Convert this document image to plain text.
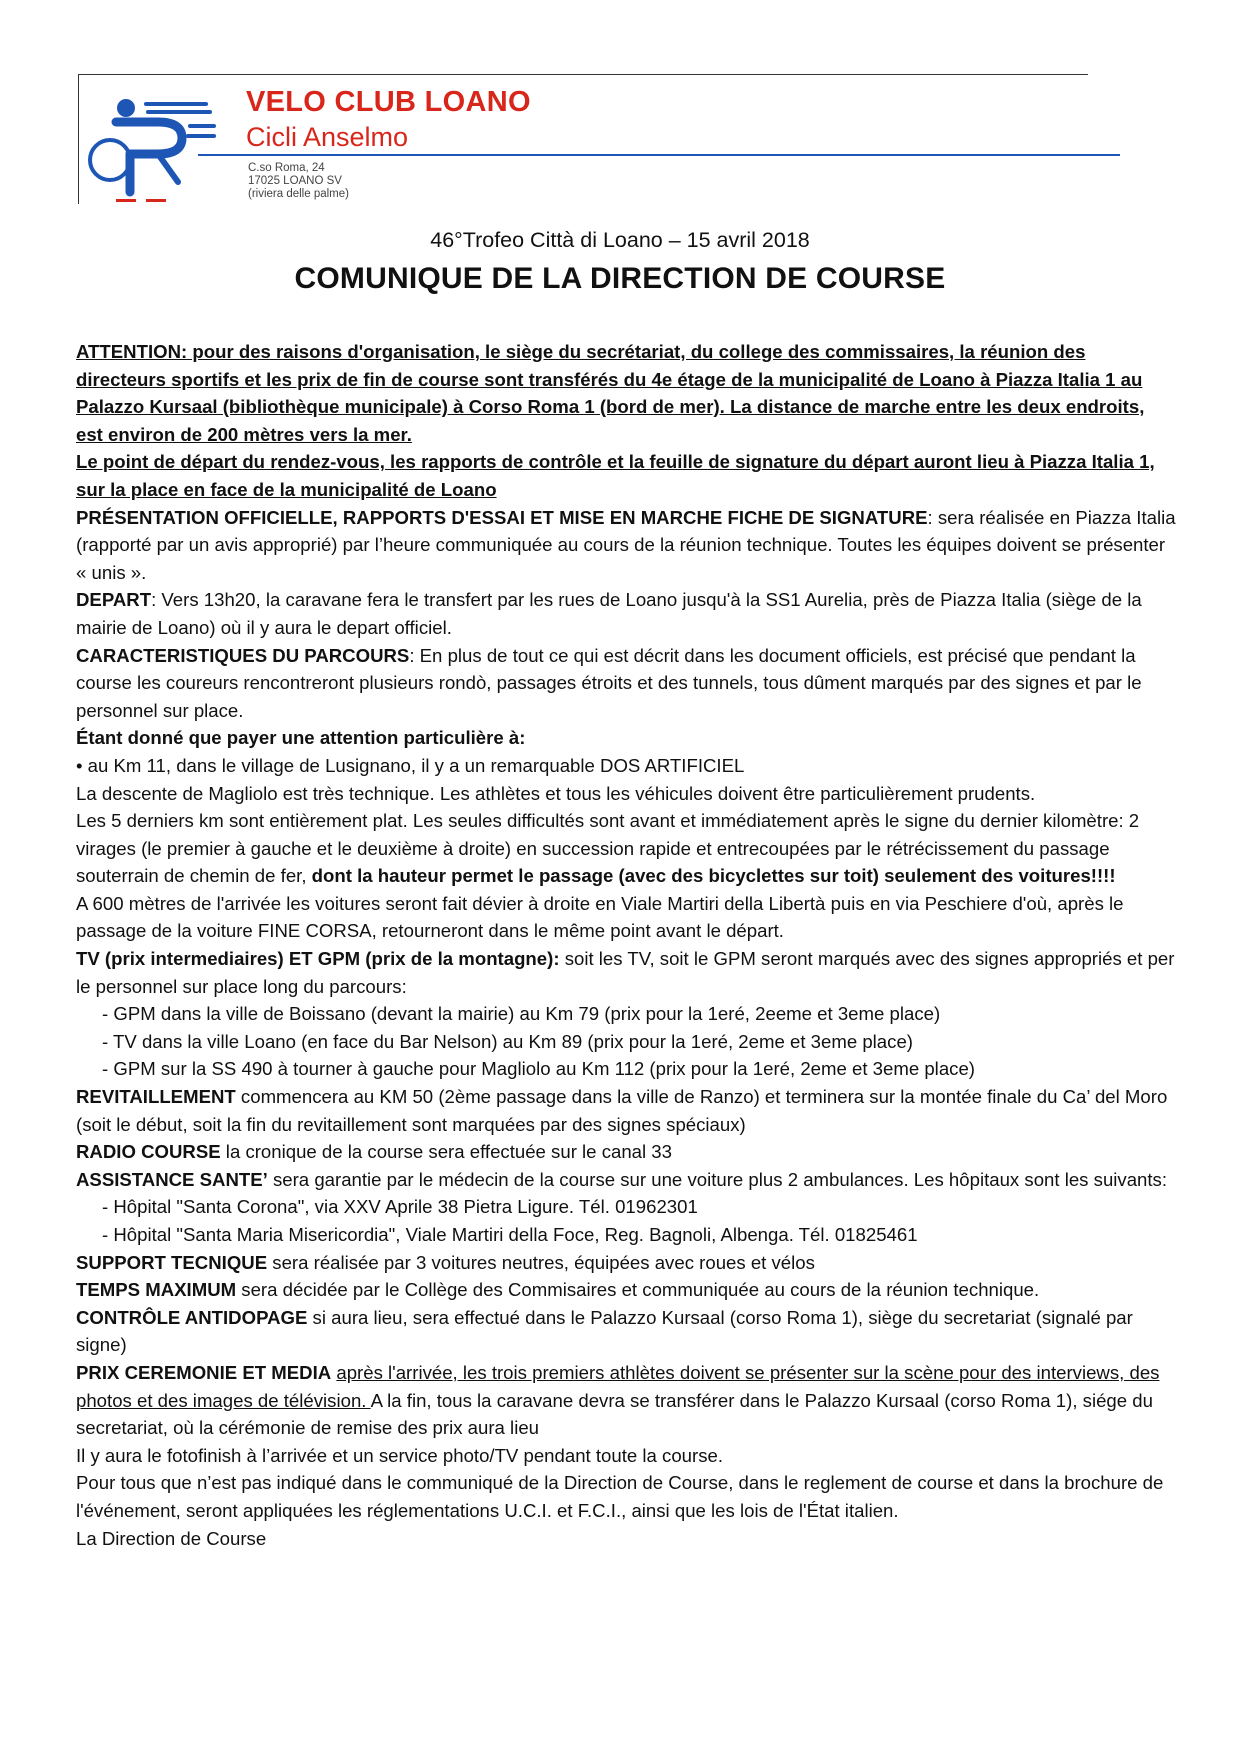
VELO CLUB LOANO
Cicli Anselmo
C.so Roma, 24
17025 LOANO SV
(riviera delle palme)
46°Trofeo Città di Loano – 15 avril 2018
COMUNIQUE DE LA DIRECTION DE COURSE

ATTENTION: pour des raisons d'organisation, le siège du secrétariat, du college des commissaires, la réunion des directeurs sportifs et les prix de fin de course sont transférés du 4e étage de la municipalité de Loano à Piazza Italia 1 au Palazzo Kursaal (bibliothèque municipale) à Corso Roma 1 (bord de mer). La distance de marche entre les deux endroits, est environ de 200 mètres vers la mer.

Le point de départ du rendez-vous, les rapports de contrôle et la feuille de signature du départ auront lieu à Piazza Italia 1, sur la place en face de la municipalité de Loano

PRÉSENTATION OFFICIELLE, RAPPORTS D'ESSAI ET MISE EN MARCHE FICHE DE SIGNATURE: sera réalisée en Piazza Italia (rapporté par un avis approprié) par l’heure communiquée au cours de la réunion technique. Toutes les équipes doivent se présenter « unis ».

DEPART: Vers 13h20, la caravane fera le transfert par les rues de Loano jusqu'à la SS1 Aurelia, près de Piazza Italia (siège de la mairie de Loano) où il y aura le depart officiel.

CARACTERISTIQUES DU PARCOURS: En plus de tout ce qui est décrit dans les document officiels, est précisé que pendant la course les coureurs rencontreront plusieurs rondò, passages étroits et des tunnels, tous dûment marqués par des signes et par le personnel sur place.

Étant donné que payer une attention particulière à:

• au Km 11, dans le village de Lusignano, il y a un remarquable DOS ARTIFICIEL

La descente de Magliolo est très technique. Les athlètes et tous les véhicules doivent être particulièrement prudents.

Les 5 derniers km sont entièrement plat. Les seules difficultés sont avant et immédiatement après le signe du dernier kilomètre: 2 virages (le premier à gauche et le deuxième à droite) en succession rapide et entrecoupées par le rétrécissement du passage souterrain de chemin de fer, dont la hauteur permet le passage (avec des bicyclettes sur toit) seulement des voitures!!!!

A 600 mètres de l'arrivée les voitures seront fait dévier à droite en Viale Martiri della Libertà puis en via Peschiere d'où, après le passage de la voiture FINE CORSA, retourneront dans le même point avant le départ.

TV (prix intermediaires) ET GPM (prix de la montagne): soit les TV, soit le GPM seront marqués avec des signes appropriés et per le personnel sur place long du parcours:

- GPM dans la ville de Boissano (devant la mairie) au Km 79 (prix pour la 1eré, 2eeme et 3eme place)

- TV dans la ville Loano (en face du Bar Nelson) au Km 89 (prix pour la 1eré, 2eme et 3eme place)

- GPM sur la SS 490 à tourner à gauche pour Magliolo au Km 112 (prix pour la 1eré, 2eme et 3eme place)

REVITAILLEMENT commencera au KM 50 (2ème passage dans la ville de Ranzo) et terminera sur la montée finale du Ca’ del Moro (soit le début, soit la fin du revitaillement sont marquées par des signes spéciaux)

RADIO COURSE la cronique de la course sera effectuée sur le canal 33

ASSISTANCE SANTE’ sera garantie par le médecin de la course sur une voiture plus 2 ambulances. Les hôpitaux sont les suivants:

- Hôpital "Santa Corona", via XXV Aprile 38 Pietra Ligure. Tél. 01962301

- Hôpital "Santa Maria Misericordia", Viale Martiri della Foce, Reg. Bagnoli, Albenga. Tél. 01825461

SUPPORT TECNIQUE sera réalisée par 3 voitures neutres, équipées avec roues et vélos

TEMPS MAXIMUM sera décidée par le Collège des Commisaires et communiquée au cours de la réunion technique.

CONTRÔLE ANTIDOPAGE si aura lieu, sera effectué dans le Palazzo Kursaal (corso Roma 1), siège du secretariat (signalé par signe)

PRIX CEREMONIE ET MEDIA après l'arrivée, les trois premiers athlètes doivent se présenter sur la scène pour des interviews, des photos et des images de télévision. A la fin, tous la caravane devra se transférer dans le Palazzo Kursaal (corso Roma 1), siége du secretariat, où la cérémonie de remise des prix aura lieu

Il y aura le fotofinish à l’arrivée et un service photo/TV pendant toute la course.

Pour tous que n’est pas indiqué dans le communiqué de la Direction de Course, dans le reglement de course et dans la brochure de l'événement, seront appliquées les réglementations U.C.I. et F.C.I., ainsi que les lois de l'État italien.

La Direction de Course
